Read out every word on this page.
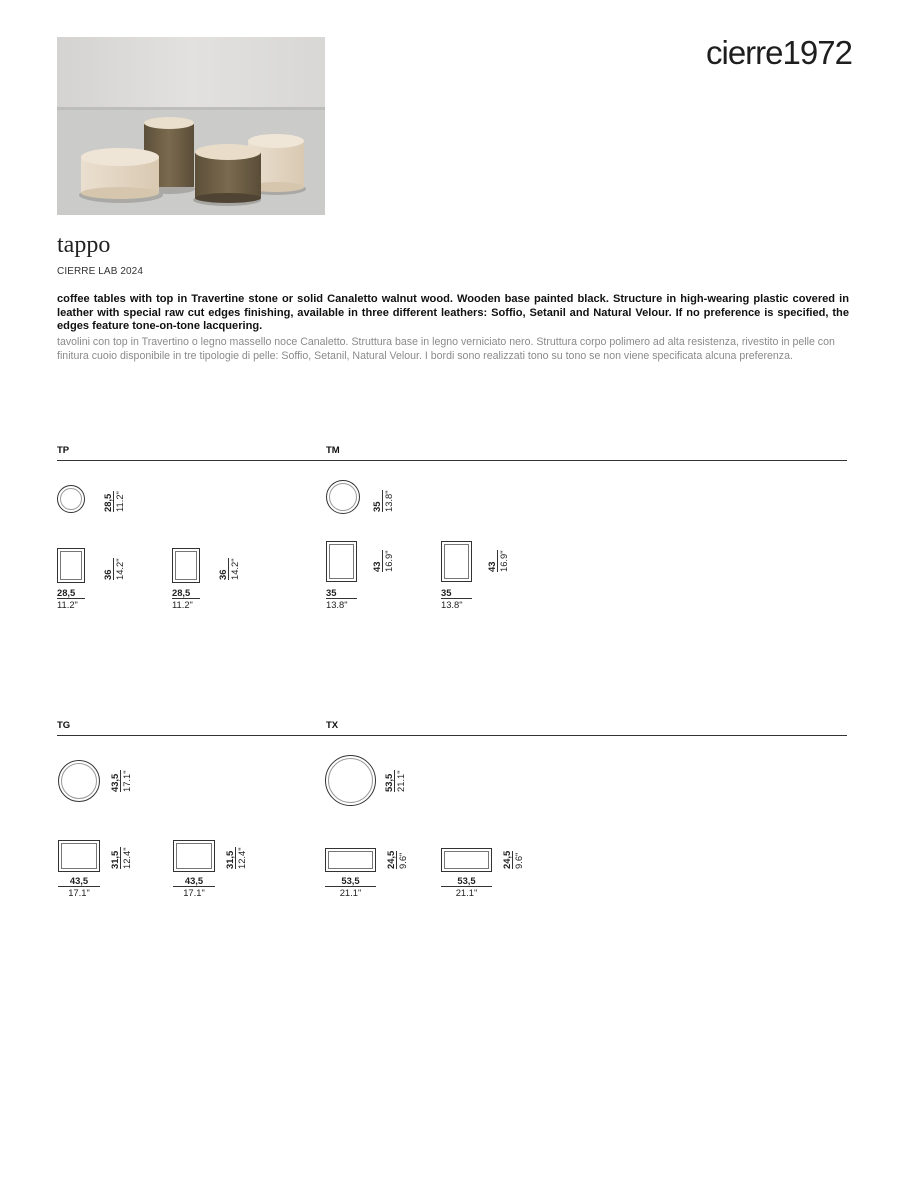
cierre1972
tappo
CIERRE LAB 2024
coffee tables with top in Travertine stone or solid Canaletto walnut wood. Wooden base painted black. Structure in high-wearing plastic covered in leather with special raw cut edges finishing, available in three different leathers: Soffio, Setanil and Natural Velour. If no preference is specified, the edges feature tone-on-tone lacquering.
tavolini con top in Travertino o legno massello noce Canaletto. Struttura base in legno verniciato nero. Struttura corpo polimero ad alta resistenza, rivestito in pelle con finitura cuoio disponibile in tre tipologie di pelle: Soffio, Setanil, Natural Velour. I bordi sono realizzati tono su tono se non viene specificata alcuna preferenza.
TP	TM
TG	TX
28,5 11.2"
36 14.2"
28,5
11.2"
36 14.2"
28,5
11.2"
35 13.8"
43 16.9"
35
13.8"
43 16.9"
35
13.8"
43,5 17.1"
31,5 12.4"
43,5
17.1"
31,5 12.4"
43,5
17.1"
53,5 21.1"
24,5 9.6"
53,5
21.1"
24,5 9.6"
53,5
21.1"
